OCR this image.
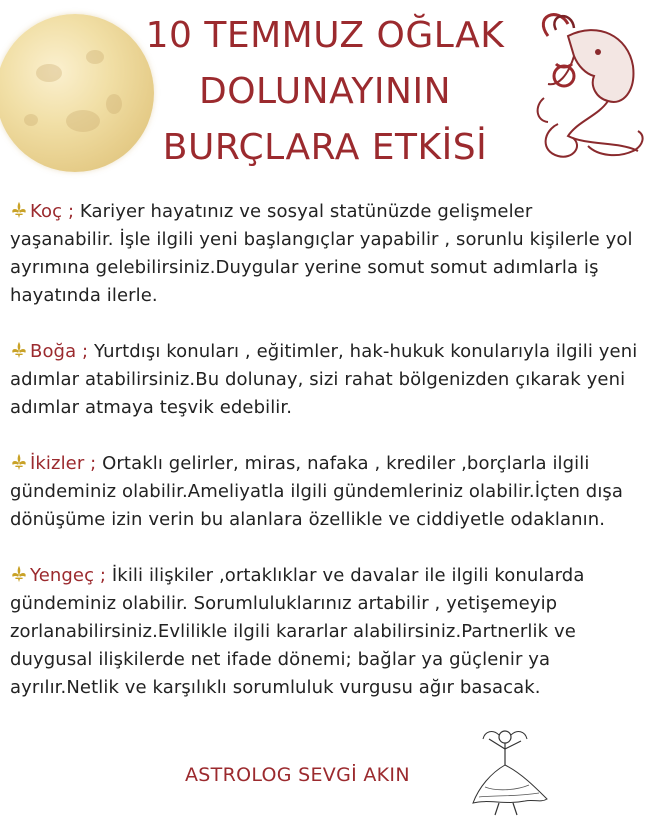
10 TEMMUZ OĞLAK
DOLUNAYININ
BURÇLARA ETKİSİ

Koç ; Kariyer hayatınız ve sosyal statünüzde gelişmeler yaşanabilir. İşle ilgili yeni başlangıçlar yapabilir , sorunlu kişilerle yol ayrımına gelebilirsiniz.Duygular yerine somut somut adımlarla iş hayatında ilerle.

Boğa ; Yurtdışı konuları , eğitimler, hak-hukuk konularıyla ilgili yeni adımlar atabilirsiniz.Bu dolunay, sizi rahat bölgenizden çıkarak yeni adımlar atmaya teşvik edebilir.

İkizler ; Ortaklı gelirler, miras, nafaka , krediler ,borçlarla ilgili gündeminiz olabilir.Ameliyatla ilgili gündemleriniz olabilir.İçten dışa dönüşüme izin verin bu alanlara özellikle ve ciddiyetle odaklanın.

Yengeç ; İkili ilişkiler ,ortaklıklar ve davalar ile ilgili konularda gündeminiz olabilir. Sorumluluklarınız artabilir , yetişemeyip zorlanabilirsiniz.Evlilikle ilgili kararlar alabilirsiniz.Partnerlik ve duygusal ilişkilerde net ifade dönemi; bağlar ya güçlenir ya ayrılır.Netlik ve karşılıklı sorumluluk vurgusu ağır basacak.

ASTROLOG SEVGİ AKIN
